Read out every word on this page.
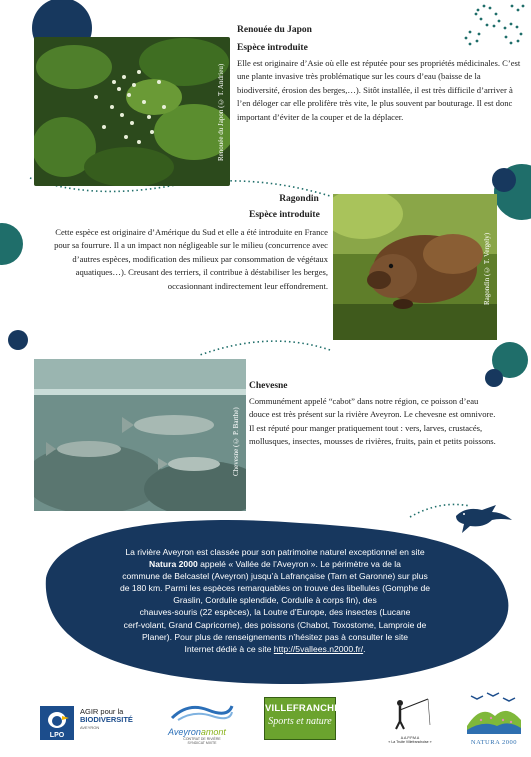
Renouée du Japon (© T. Andrieu)
Renouée du Japon
Espèce introduite
Elle est originaire d’Asie où elle est réputée pour ses propriétés médicinales. C’est une plante invasive très problématique sur les cours d’eau (baisse de la biodiversité, érosion des berges,…). Sitôt installée, il est très difficile d’arriver à l’en déloger car elle prolifère très vite, le plus souvent par bouturage. Il est donc important d’éviter de la couper et de la déplacer.
Ragondin
Espèce introduite
Cette espèce est originaire d’Amérique du Sud et elle a été introduite en France pour sa fourrure. Il a un impact non négligeable sur le milieu (concurrence avec d’autres espèces, modification des milieux par consommation de végétaux aquatiques…). Creusant des terriers, il contribue à déstabiliser les berges, occasionnant indirectement leur effondrement.	Ragondin (© T. Vergely)
Chevesne (© P. Barthe)
Chevesne
Communément appelé “cabot” dans notre région, ce poisson d’eau douce est très présent sur la rivière Aveyron. Le chevesne est omnivore. Il est réputé pour manger pratiquement tout : vers, larves, crustacés, mollusques, insectes, mousses de rivières, fruits, pain et petits poissons.
La rivière Aveyron est classée pour son patrimoine naturel exceptionnel en site
Natura 2000 appelé « Vallée de l’Aveyron ». Le périmètre va de la
commune de Belcastel (Aveyron) jusqu’à Lafrançaise (Tarn et Garonne) sur plus
de 180 km. Parmi les espèces remarquables on trouve des libellules (Gomphe de
Graslin, Cordulie splendide, Cordulie à corps fin), des
chauves-souris (22 espèces), la Loutre d’Europe, des insectes (Lucane
cerf-volant, Grand Capricorne), des poissons (Chabot, Toxostome, Lamproie de
Planer). Pour plus de renseignements n’hésitez pas à consulter le site
Internet dédié à ce site http://5vallees.n2000.fr/.
LPO
AGIR pour la
BIODIVERSITÉ
AVEYRON	Aveyronamont
CONTRAT DE RIVIÈRE
SYNDICAT MIXTE
VILLEFRANCHE
Sports et nature
A.A.P.P.M.A
« La Truite Villefranchoise »	NATURA 2000
